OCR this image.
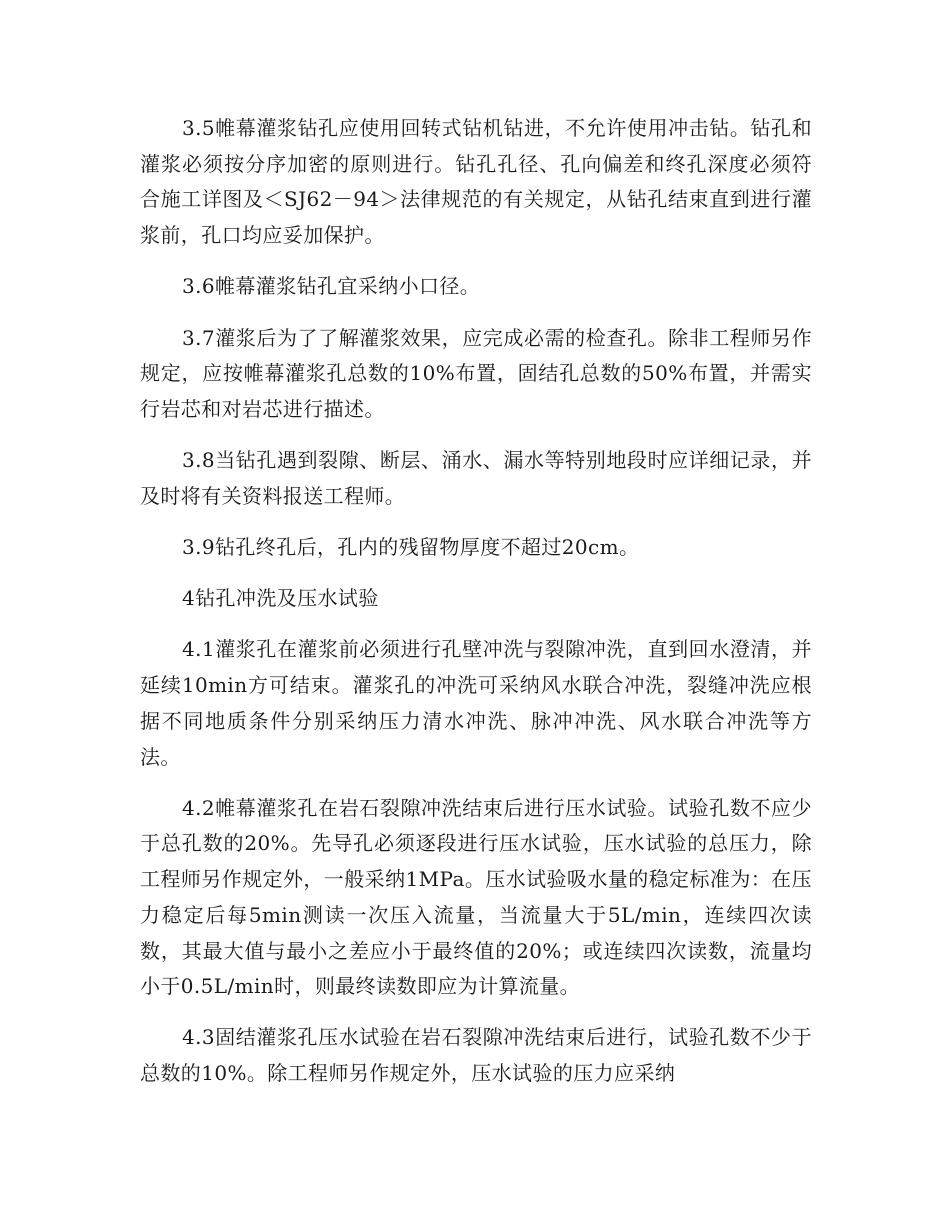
3.5帷幕灌浆钻孔应使用回转式钻机钻进，不允许使用冲击钻。钻孔和灌浆必须按分序加密的原则进行。钻孔孔径、孔向偏差和终孔深度必须符合施工详图及＜SJ62－94＞法律规范的有关规定，从钻孔结束直到进行灌浆前，孔口均应妥加保护。

3.6帷幕灌浆钻孔宜采纳小口径。

3.7灌浆后为了了解灌浆效果，应完成必需的检查孔。除非工程师另作规定，应按帷幕灌浆孔总数的10%布置，固结孔总数的50%布置，并需实行岩芯和对岩芯进行描述。

3.8当钻孔遇到裂隙、断层、涌水、漏水等特别地段时应详细记录，并及时将有关资料报送工程师。

3.9钻孔终孔后，孔内的残留物厚度不超过20cm。

4钻孔冲洗及压水试验

4.1灌浆孔在灌浆前必须进行孔壁冲洗与裂隙冲洗，直到回水澄清，并延续10min方可结束。灌浆孔的冲洗可采纳风水联合冲洗，裂缝冲洗应根据不同地质条件分别采纳压力清水冲洗、脉冲冲洗、风水联合冲洗等方法。

4.2帷幕灌浆孔在岩石裂隙冲洗结束后进行压水试验。试验孔数不应少于总孔数的20%。先导孔必须逐段进行压水试验，压水试验的总压力，除工程师另作规定外，一般采纳1MPa。压水试验吸水量的稳定标准为：在压力稳定后每5min测读一次压入流量，当流量大于5L/min，连续四次读数，其最大值与最小之差应小于最终值的20%；或连续四次读数，流量均小于0.5L/min时，则最终读数即应为计算流量。

4.3固结灌浆孔压水试验在岩石裂隙冲洗结束后进行，试验孔数不少于总数的10%。除工程师另作规定外，压水试验的压力应采纳
